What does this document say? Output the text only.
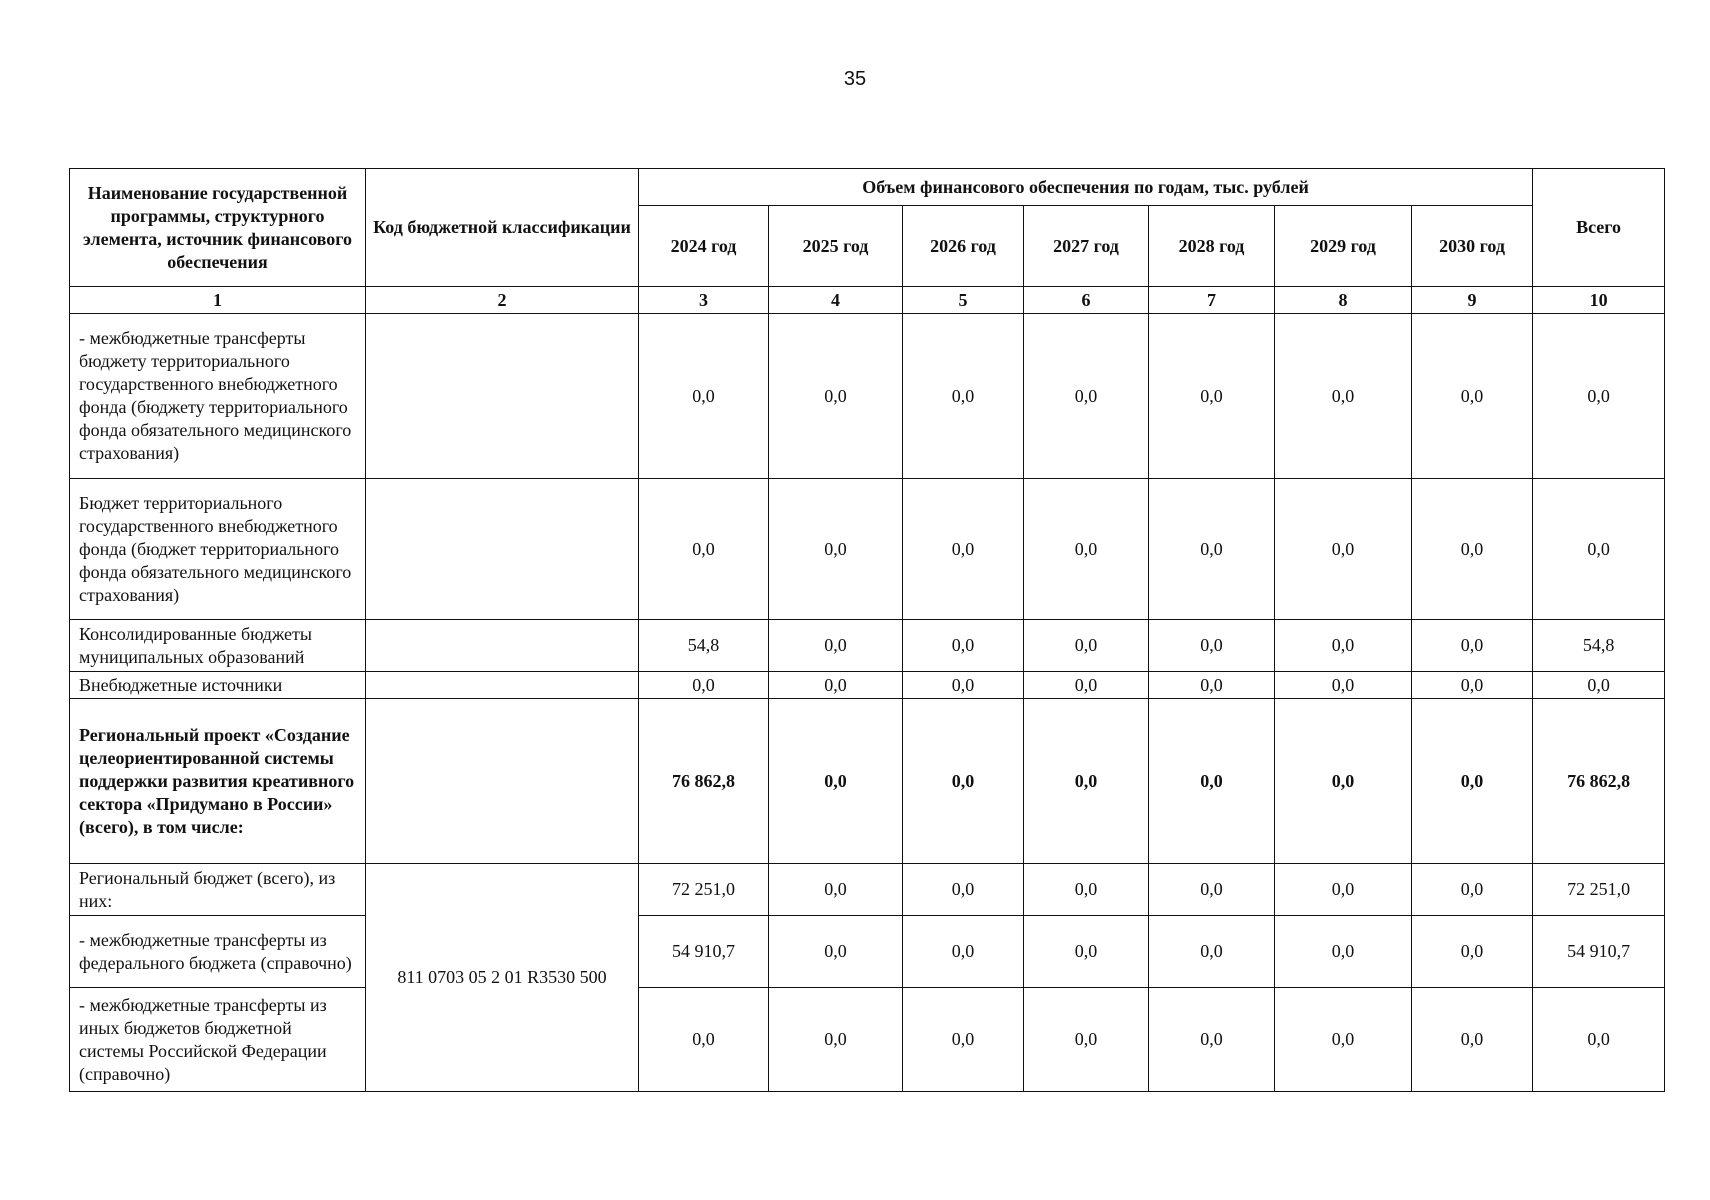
35
Наименование государственной программы, структурного элемента, источник финансового обеспечения	Код бюджетной классификации	Объем финансового обеспечения по годам, тыс. рублей							Всего
		2024 год	2025 год	2026 год	2027 год	2028 год	2029 год	2030 год	
1	2	3	4	5	6	7	8	9	10
- межбюджетные трансферты бюджету территориального государственного внебюджетного фонда (бюджету территориального фонда обязательного медицинского страхования)		0,0	0,0	0,0	0,0	0,0	0,0	0,0	0,0
Бюджет территориального государственного внебюджетного фонда (бюджет территориального фонда обязательного медицинского страхования)		0,0	0,0	0,0	0,0	0,0	0,0	0,0	0,0
Консолидированные бюджеты муниципальных образований		54,8	0,0	0,0	0,0	0,0	0,0	0,0	54,8
Внебюджетные источники		0,0	0,0	0,0	0,0	0,0	0,0	0,0	0,0
Региональный проект «Создание целеориентированной системы поддержки развития креативного сектора «Придумано в России» (всего), в том числе:		76 862,8	0,0	0,0	0,0	0,0	0,0	0,0	76 862,8
Региональный бюджет (всего), из них:	811 0703 05 2 01 R3530 500	72 251,0	0,0	0,0	0,0	0,0	0,0	0,0	72 251,0
- межбюджетные трансферты из федерального бюджета (справочно)		54 910,7	0,0	0,0	0,0	0,0	0,0	0,0	54 910,7
- межбюджетные трансферты из иных бюджетов бюджетной системы Российской Федерации (справочно)		0,0	0,0	0,0	0,0	0,0	0,0	0,0	0,0
